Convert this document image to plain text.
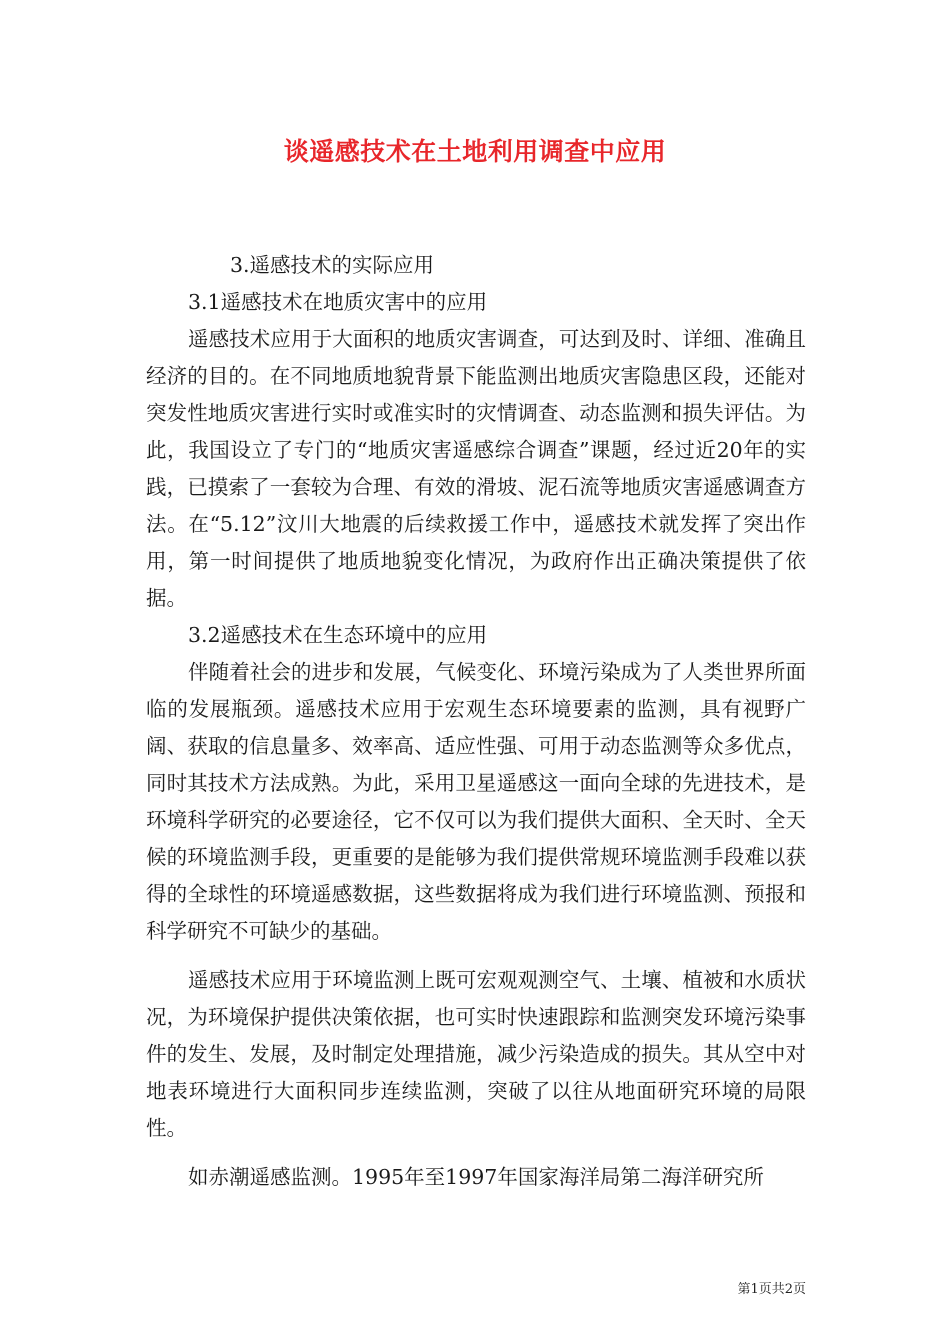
谈遥感技术在土地利用调查中应用

3.遥感技术的实际应用

3.1遥感技术在地质灾害中的应用

遥感技术应用于大面积的地质灾害调查，可达到及时、详细、准确且经济的目的。在不同地质地貌背景下能监测出地质灾害隐患区段，还能对突发性地质灾害进行实时或准实时的灾情调查、动态监测和损失评估。为此，我国设立了专门的“地质灾害遥感综合调查”课题，经过近20年的实践，已摸索了一套较为合理、有效的滑坡、泥石流等地质灾害遥感调查方法。在“5.12”汶川大地震的后续救援工作中，遥感技术就发挥了突出作用，第一时间提供了地质地貌变化情况，为政府作出正确决策提供了依据。

3.2遥感技术在生态环境中的应用

伴随着社会的进步和发展，气候变化、环境污染成为了人类世界所面临的发展瓶颈。遥感技术应用于宏观生态环境要素的监测，具有视野广阔、获取的信息量多、效率高、适应性强、可用于动态监测等众多优点，同时其技术方法成熟。为此，采用卫星遥感这一面向全球的先进技术，是环境科学研究的必要途径，它不仅可以为我们提供大面积、全天时、全天候的环境监测手段，更重要的是能够为我们提供常规环境监测手段难以获得的全球性的环境遥感数据，这些数据将成为我们进行环境监测、预报和科学研究不可缺少的基础。

遥感技术应用于环境监测上既可宏观观测空气、土壤、植被和水质状况，为环境保护提供决策依据，也可实时快速跟踪和监测突发环境污染事件的发生、发展，及时制定处理措施，减少污染造成的损失。其从空中对地表环境进行大面积同步连续监测，突破了以往从地面研究环境的局限性。

如赤潮遥感监测。1995年至1997年国家海洋局第二海洋研究所

第1页共2页
